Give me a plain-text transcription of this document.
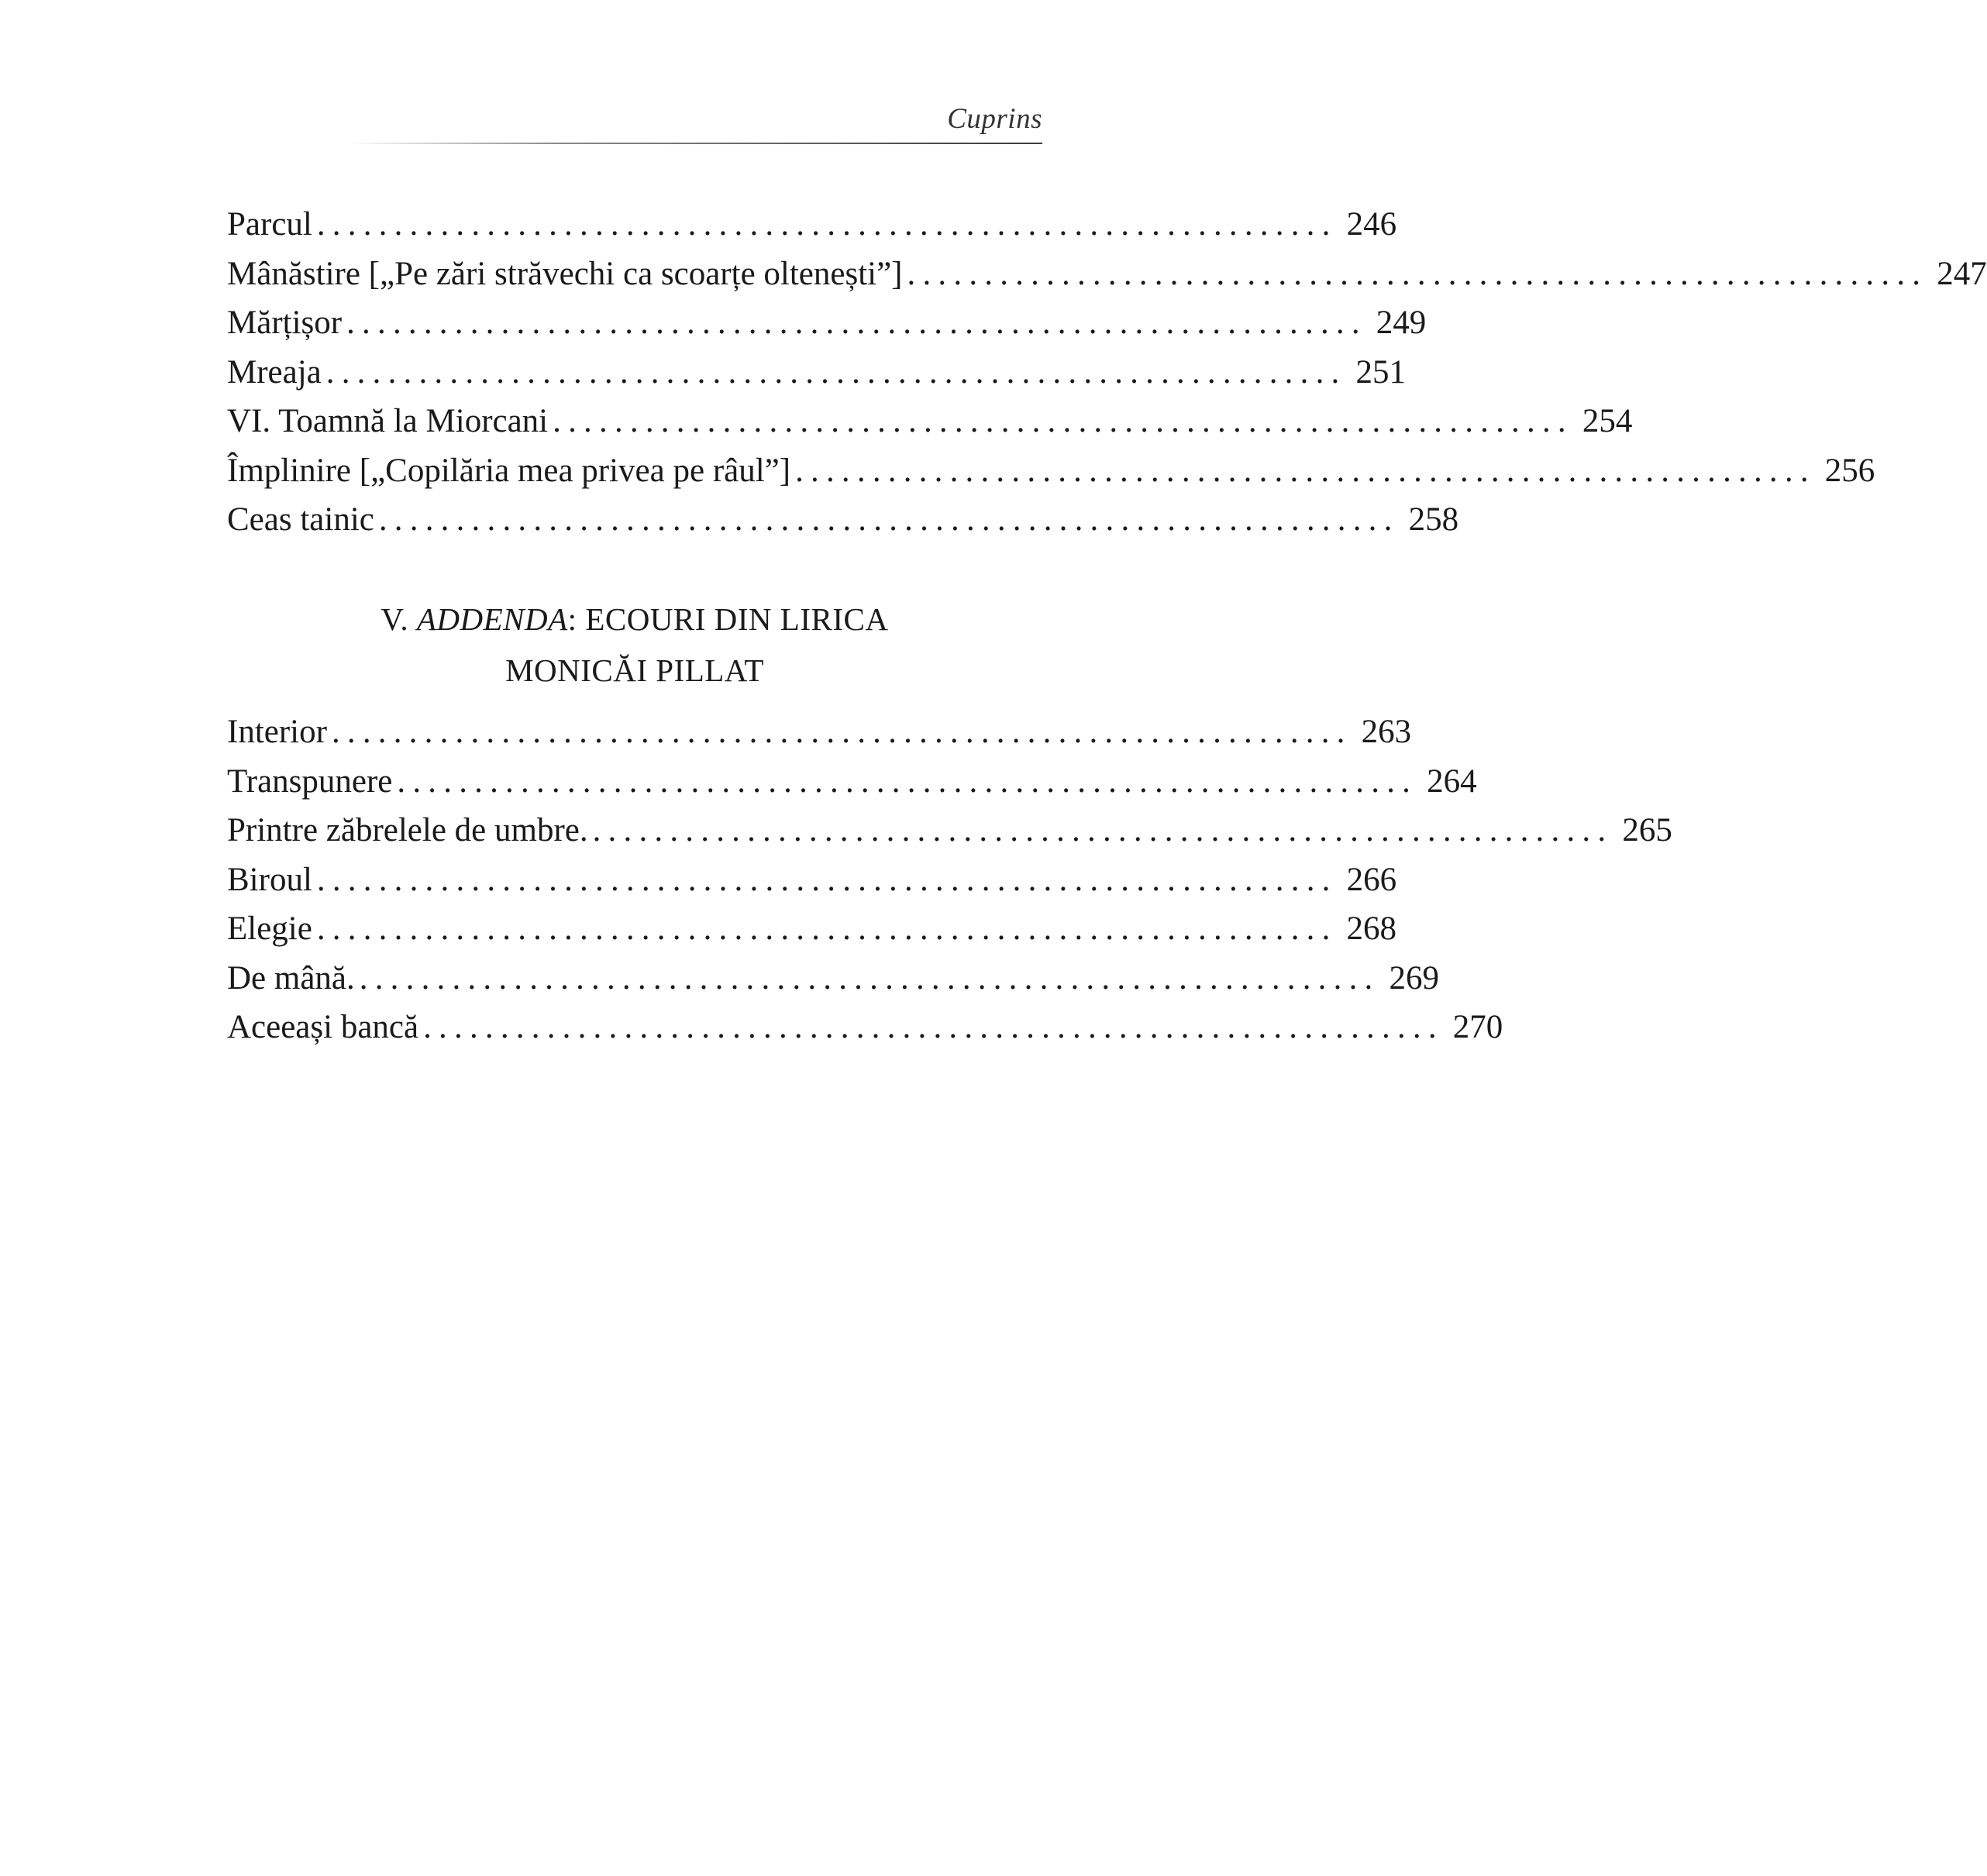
Cuprins
Parcul .................................................................. 246
Mânăstire [„Pe zări străvechi ca scoarțe oltenești”] .................................................................. 247
Mărțișor .................................................................. 249
Mreaja .................................................................. 251
VI. Toamnă la Miorcani .................................................................. 254
Împlinire [„Copilăria mea privea pe râul”] .................................................................. 256
Ceas tainic .................................................................. 258
V. ADDENDA: ECOURI DIN LIRICA
MONICĂI PILLAT
Interior .................................................................. 263
Transpunere .................................................................. 264
Printre zăbrelele de umbre. .................................................................. 265
Biroul .................................................................. 266
Elegie .................................................................. 268
De mână. .................................................................. 269
Aceeași bancă .................................................................. 270
